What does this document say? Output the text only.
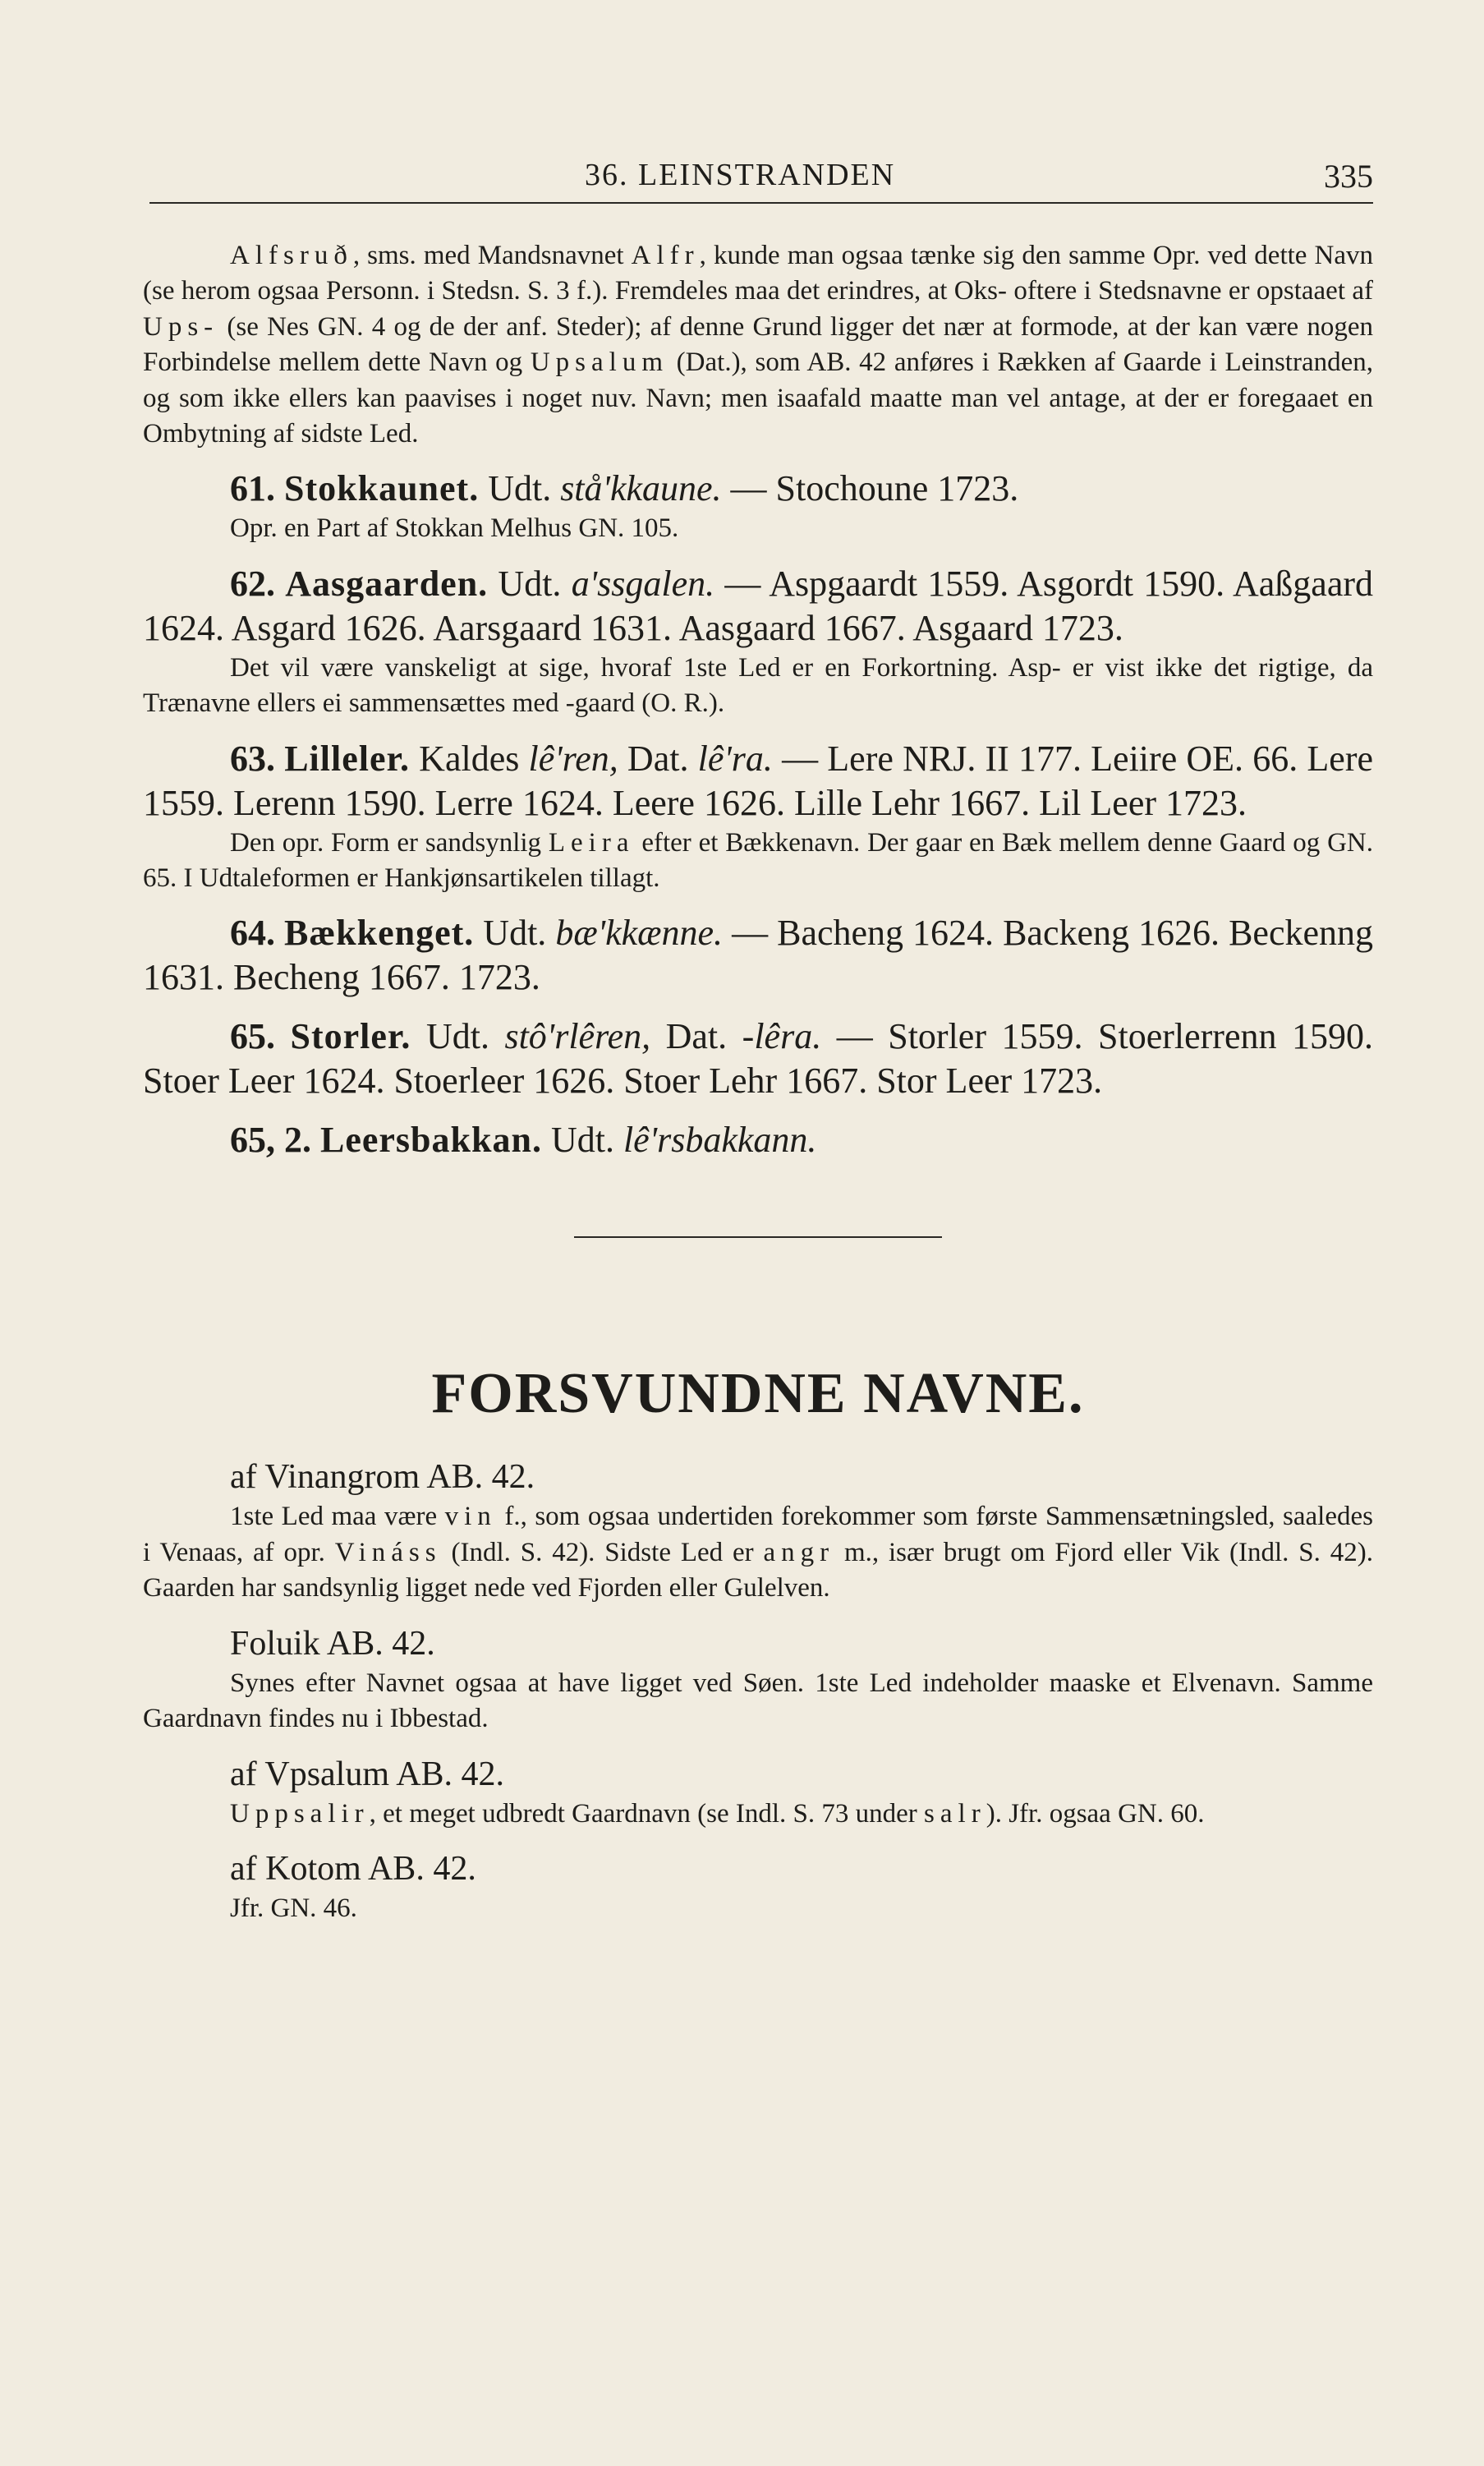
36. LEINSTRANDEN	335

Alfsruð, sms. med Mandsnavnet Alfr, kunde man ogsaa tænke sig den samme Opr. ved dette Navn (se herom ogsaa Personn. i Stedsn. S. 3 f.). Fremdeles maa det erindres, at Oks- oftere i Stedsnavne er opstaaet af Ups- (se Nes GN. 4 og de der anf. Steder); af denne Grund ligger det nær at formode, at der kan være nogen Forbindelse mellem dette Navn og Upsalum (Dat.), som AB. 42 anføres i Rækken af Gaarde i Leinstranden, og som ikke ellers kan paavises i noget nuv. Navn; men isaafald maatte man vel antage, at der er foregaaet en Ombytning af sidste Led.

61. Stokkaunet. Udt. stå'kkaune. — Stochoune 1723.

Opr. en Part af Stokkan Melhus GN. 105.

62. Aasgaarden. Udt. a'ssgalen. — Aspgaardt 1559. Asgordt 1590. Aaßgaard 1624. Asgard 1626. Aarsgaard 1631. Aasgaard 1667. Asgaard 1723.

Det vil være vanskeligt at sige, hvoraf 1ste Led er en Forkortning. Asp- er vist ikke det rigtige, da Trænavne ellers ei sammensættes med -gaard (O. R.).

63. Lilleler. Kaldes lê'ren, Dat. lê'ra. — Lere NRJ. II 177. Leiire OE. 66. Lere 1559. Lerenn 1590. Lerre 1624. Leere 1626. Lille Lehr 1667. Lil Leer 1723.

Den opr. Form er sandsynlig Leira efter et Bækkenavn. Der gaar en Bæk mellem denne Gaard og GN. 65. I Udtaleformen er Hankjønsartikelen tillagt.

64. Bækkenget. Udt. bæ'kkænne. — Bacheng 1624. Backeng 1626. Beckenng 1631. Becheng 1667. 1723.

65. Storler. Udt. stô'rlêren, Dat. -lêra. — Storler 1559. Stoerlerrenn 1590. Stoer Leer 1624. Stoerleer 1626. Stoer Lehr 1667. Stor Leer 1723.

65, 2. Leersbakkan. Udt. lê'rsbakkann.

FORSVUNDNE NAVNE.

af Vinangrom AB. 42.

1ste Led maa være vin f., som ogsaa undertiden forekommer som første Sammensætningsled, saaledes i Venaas, af opr. Vináss (Indl. S. 42). Sidste Led er angr m., især brugt om Fjord eller Vik (Indl. S. 42). Gaarden har sandsynlig ligget nede ved Fjorden eller Gulelven.

Foluik AB. 42.

Synes efter Navnet ogsaa at have ligget ved Søen. 1ste Led indeholder maaske et Elvenavn. Samme Gaardnavn findes nu i Ibbestad.

af Vpsalum AB. 42.

Uppsalir, et meget udbredt Gaardnavn (se Indl. S. 73 under salr). Jfr. ogsaa GN. 60.

af Kotom AB. 42.

Jfr. GN. 46.
